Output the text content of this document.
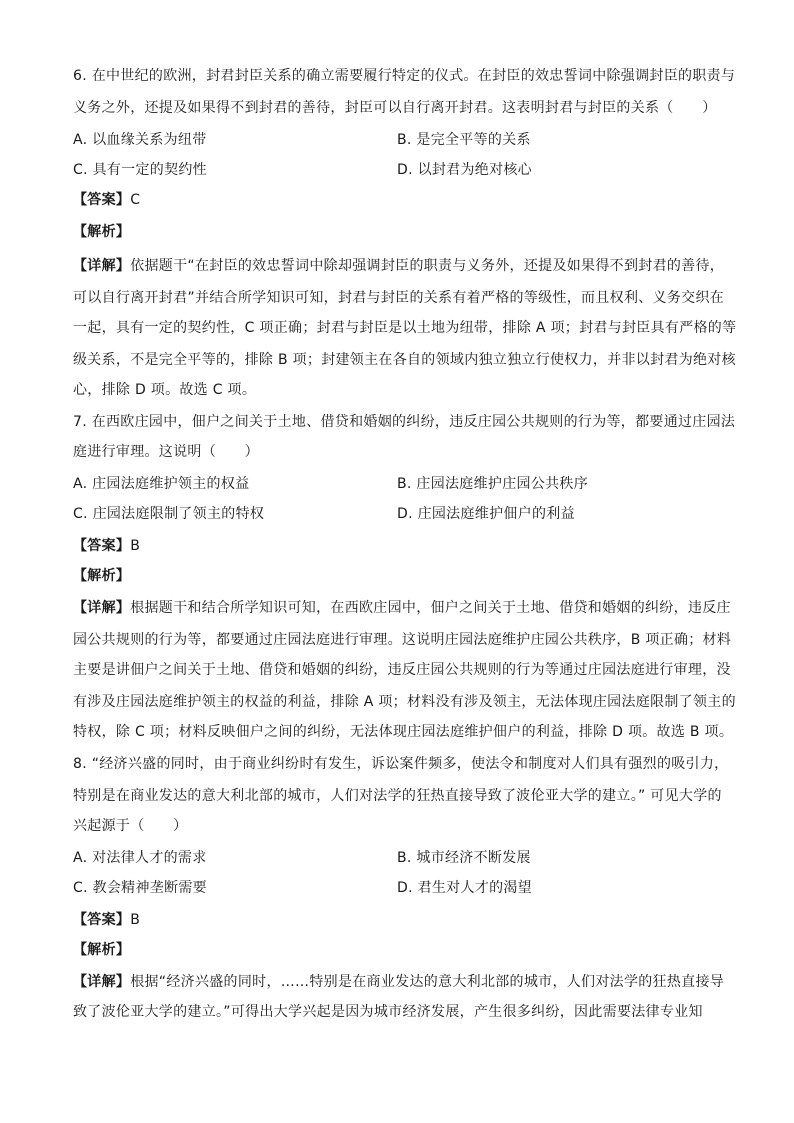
6. 在中世纪的欧洲，封君封臣关系的确立需要履行特定的仪式。在封臣的效忠誓词中除强调封臣的职责与
义务之外，还提及如果得不到封君的善待，封臣可以自行离开封君。这表明封君与封臣的关系（　　）
A. 以血缘关系为纽带	B. 是完全平等的关系
C. 具有一定的契约性	D. 以封君为绝对核心
【答案】C
【解析】
【详解】依据题干“在封臣的效忠誓词中除却强调封臣的职责与义务外，还提及如果得不到封君的善待，
可以自行离开封君”并结合所学知识可知，封君与封臣的关系有着严格的等级性，而且权利、义务交织在
一起，具有一定的契约性，C 项正确；封君与封臣是以土地为纽带，排除 A 项；封君与封臣具有严格的等
级关系，不是完全平等的，排除 B 项；封建领主在各自的领域内独立独立行使权力，并非以封君为绝对核
心，排除 D 项。故选 C 项。
7. 在西欧庄园中，佃户之间关于土地、借贷和婚姻的纠纷，违反庄园公共规则的行为等，都要通过庄园法
庭进行审理。这说明（　　）
A. 庄园法庭维护领主的权益	B. 庄园法庭维护庄园公共秩序
C. 庄园法庭限制了领主的特权	D. 庄园法庭维护佃户的利益
【答案】B
【解析】
【详解】根据题干和结合所学知识可知，在西欧庄园中，佃户之间关于土地、借贷和婚姻的纠纷，违反庄
园公共规则的行为等，都要通过庄园法庭进行审理。这说明庄园法庭维护庄园公共秩序，B 项正确；材料
主要是讲佃户之间关于土地、借贷和婚姻的纠纷，违反庄园公共规则的行为等通过庄园法庭进行审理，没
有涉及庄园法庭维护领主的权益的利益，排除 A 项；材料没有涉及领主，无法体现庄园法庭限制了领主的
特权，除 C 项；材料反映佃户之间的纠纷，无法体现庄园法庭维护佃户的利益，排除 D 项。故选 B 项。
8. “经济兴盛的同时，由于商业纠纷时有发生，诉讼案件频多，使法令和制度对人们具有强烈的吸引力，
特别是在商业发达的意大利北部的城市，人们对法学的狂热直接导致了波伦亚大学的建立。” 可见大学的
兴起源于（　　）
A. 对法律人才的需求	B. 城市经济不断发展
C. 教会精神垄断需要	D. 君生对人才的渴望
【答案】B
【解析】
【详解】根据“经济兴盛的同时，……特别是在商业发达的意大利北部的城市，人们对法学的狂热直接导
致了波伦亚大学的建立。”可得出大学兴起是因为城市经济发展，产生很多纠纷，因此需要法律专业知
